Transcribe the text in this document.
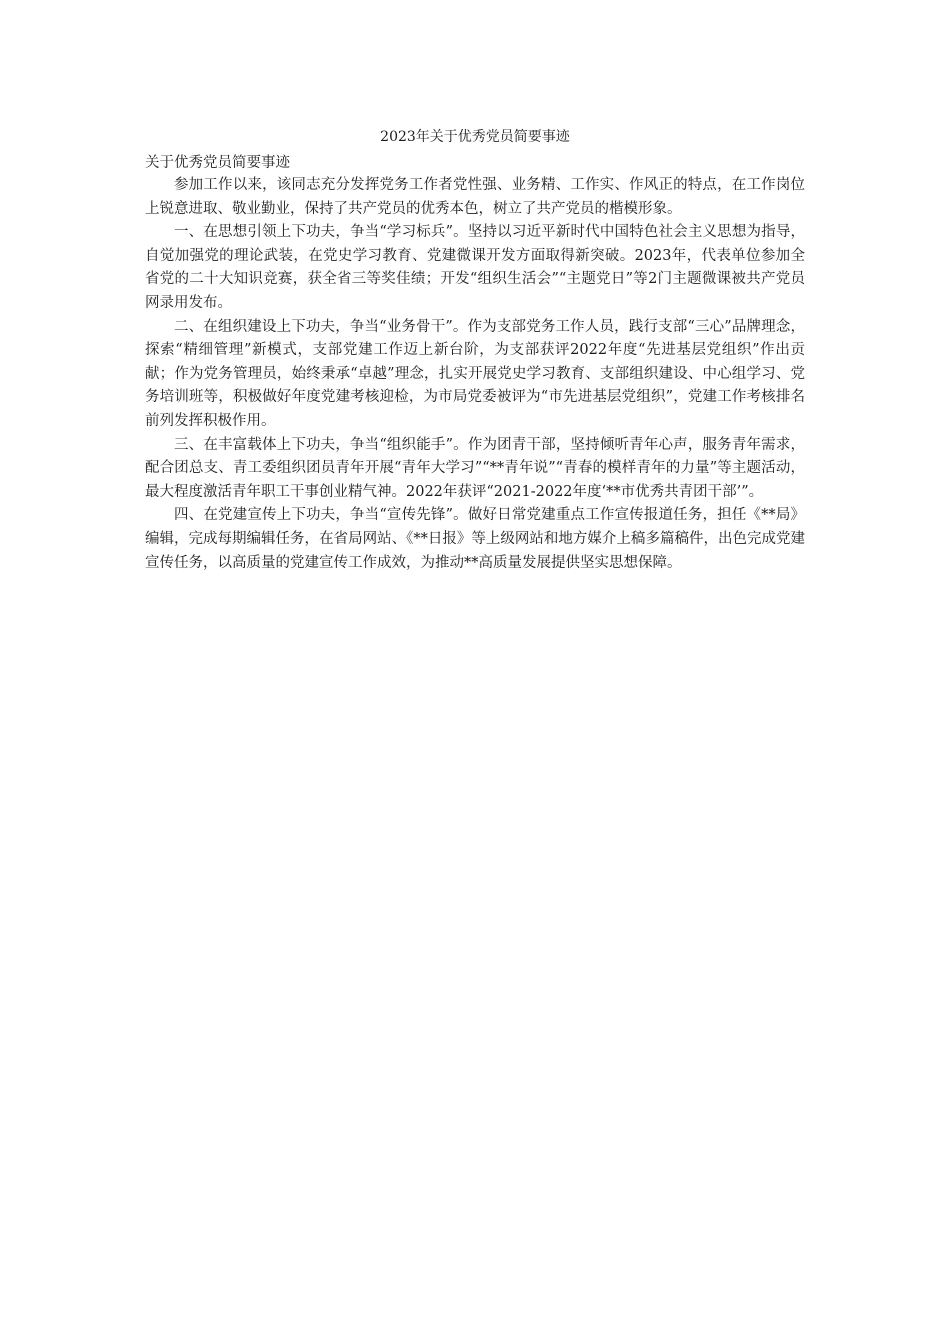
2023年关于优秀党员简要事迹

关于优秀党员简要事迹

参加工作以来，该同志充分发挥党务工作者党性强、业务精、工作实、作风正的特点，在工作岗位上锐意进取、敬业勤业，保持了共产党员的优秀本色，树立了共产党员的楷模形象。

一、在思想引领上下功夫，争当“学习标兵”。坚持以习近平新时代中国特色社会主义思想为指导，自觉加强党的理论武装，在党史学习教育、党建微课开发方面取得新突破。2023年，代表单位参加全省党的二十大知识竞赛，获全省三等奖佳绩；开发“组织生活会”“主题党日”等2门主题微课被共产党员网录用发布。

二、在组织建设上下功夫，争当“业务骨干”。作为支部党务工作人员，践行支部“三心”品牌理念，探索“精细管理”新模式，支部党建工作迈上新台阶，为支部获评2022年度“先进基层党组织”作出贡献；作为党务管理员，始终秉承“卓越”理念，扎实开展党史学习教育、支部组织建设、中心组学习、党务培训班等，积极做好年度党建考核迎检，为市局党委被评为“市先进基层党组织”，党建工作考核排名前列发挥积极作用。

三、在丰富载体上下功夫，争当“组织能手”。作为团青干部，坚持倾听青年心声，服务青年需求，配合团总支、青工委组织团员青年开展“青年大学习”“**青年说”“青春的模样青年的力量”等主题活动，最大程度激活青年职工干事创业精气神。2022年获评“2021-2022年度‘**市优秀共青团干部’”。

四、在党建宣传上下功夫，争当“宣传先锋”。做好日常党建重点工作宣传报道任务，担任《**局》编辑，完成每期编辑任务，在省局网站、《**日报》等上级网站和地方媒介上稿多篇稿件，出色完成党建宣传任务，以高质量的党建宣传工作成效，为推动**高质量发展提供坚实思想保障。
